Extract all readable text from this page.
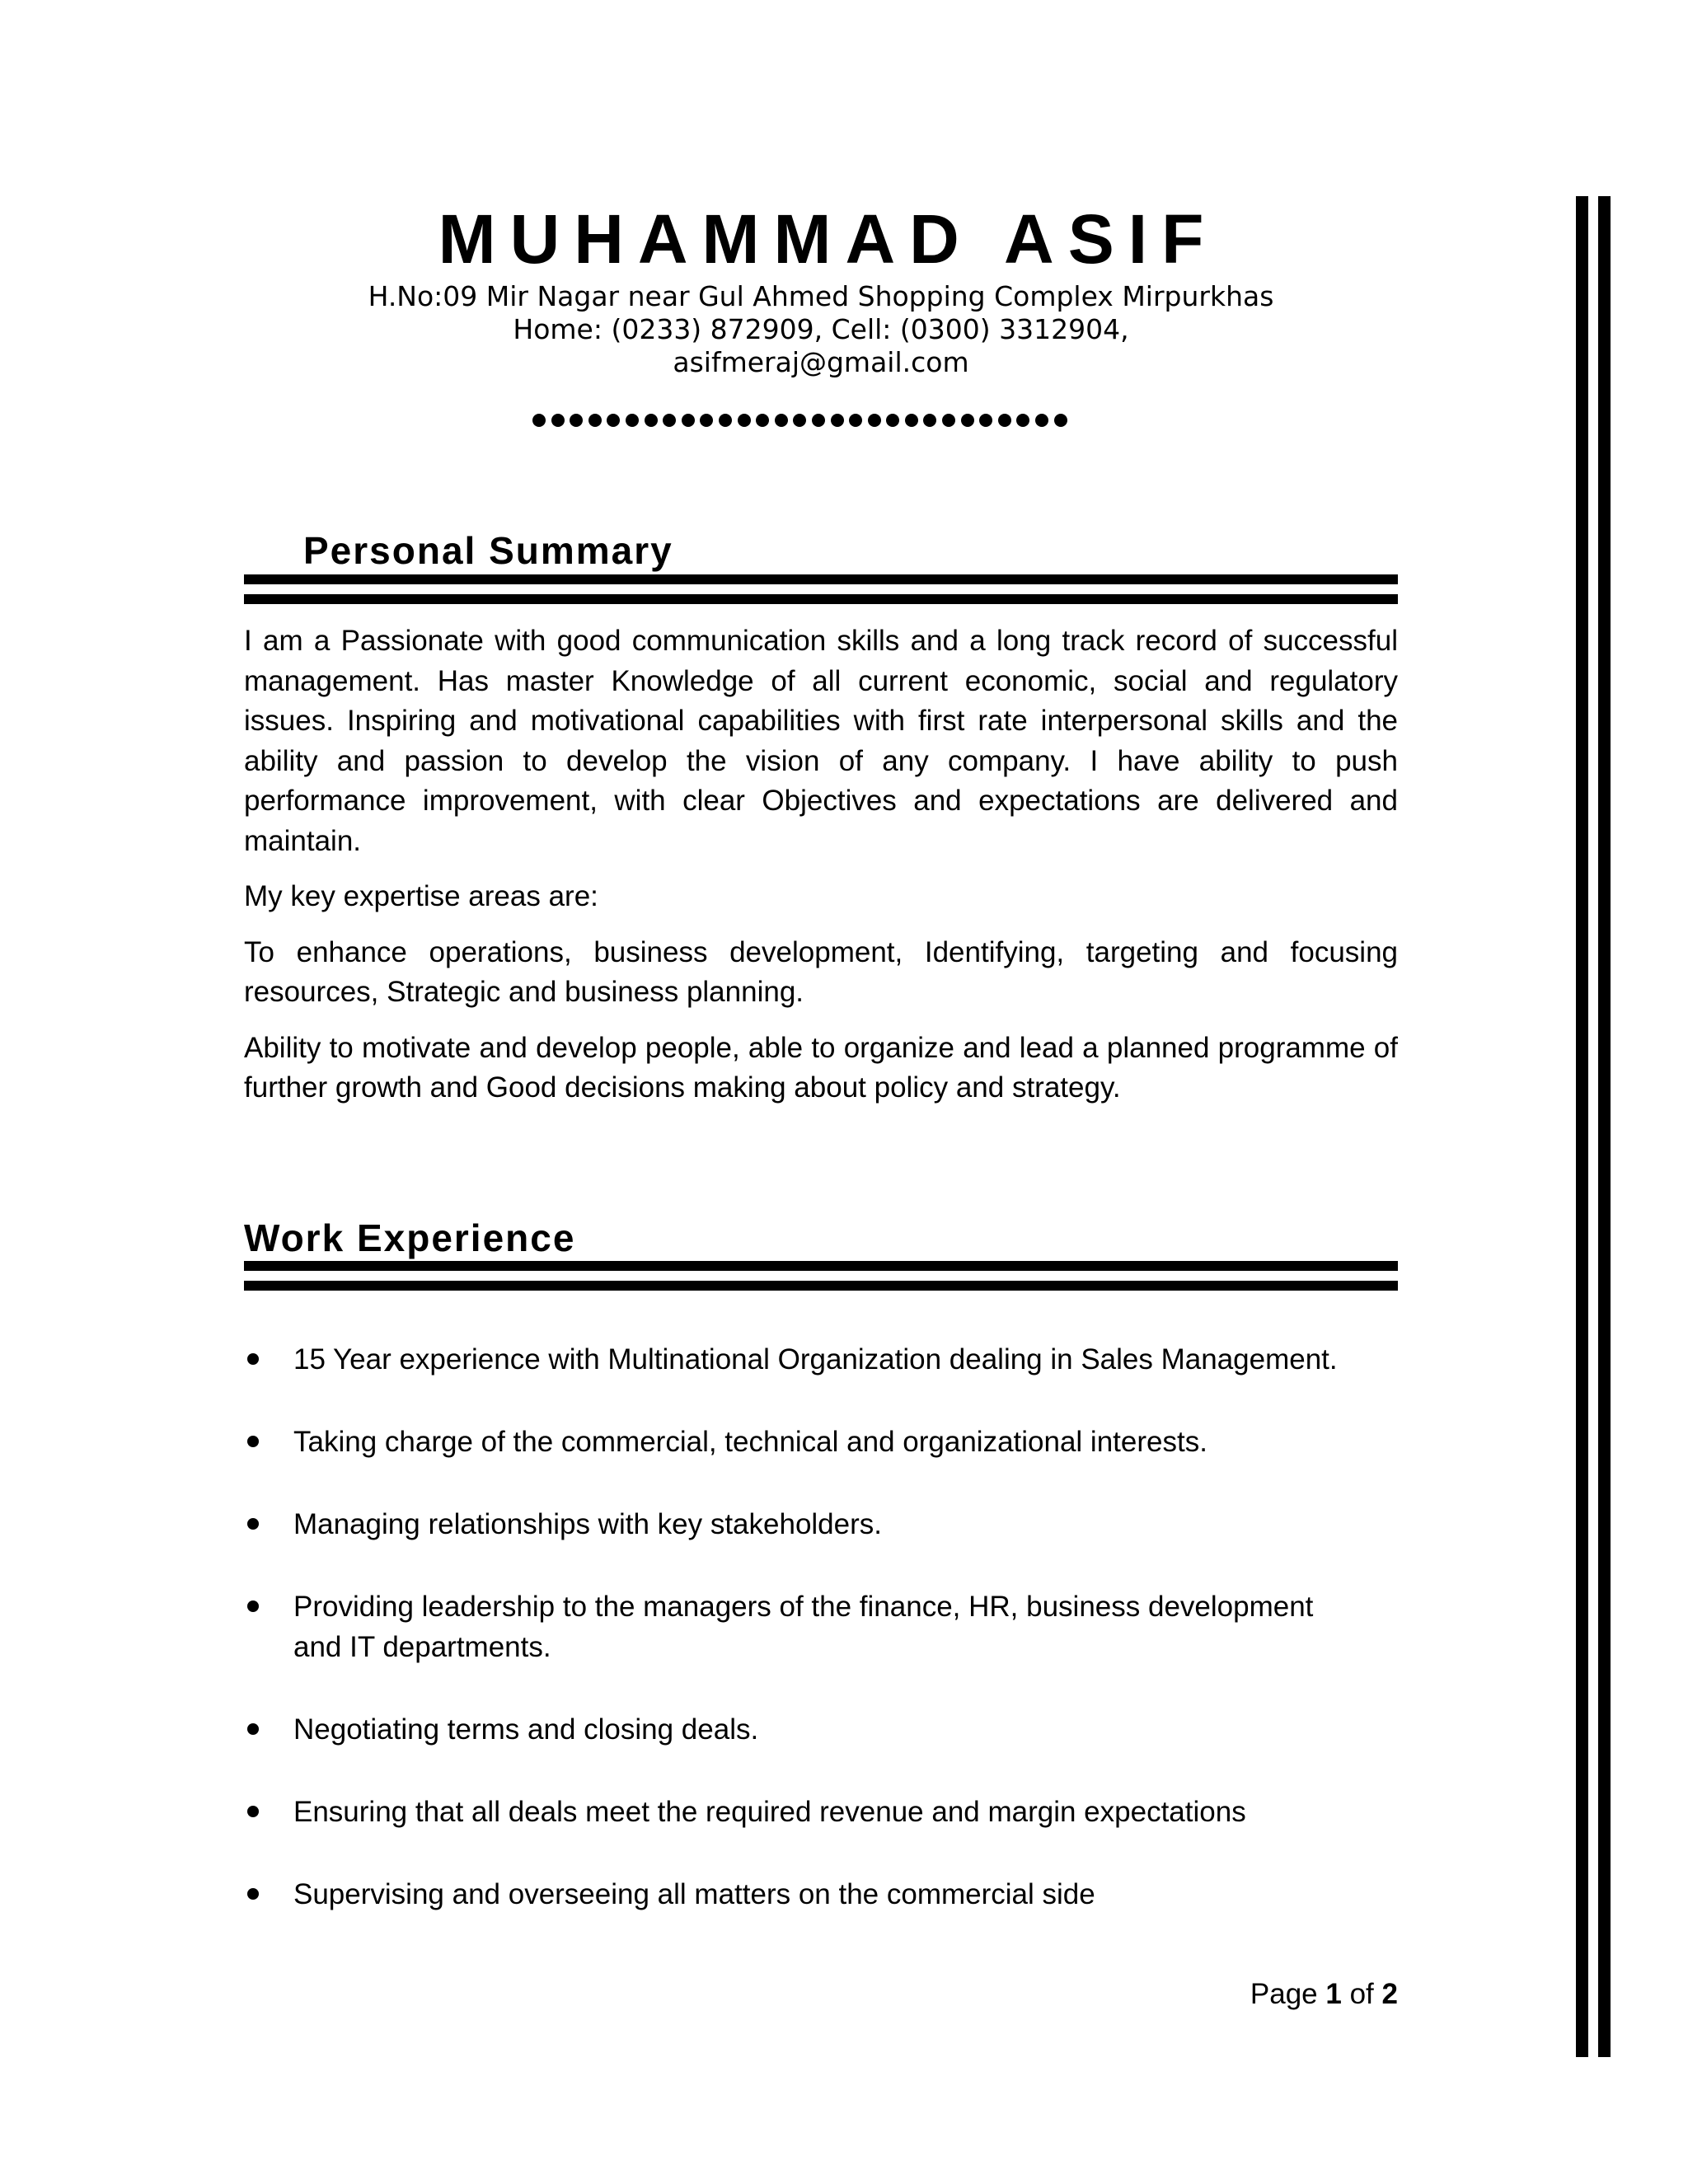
MUHAMMAD ASIF

H.No:09 Mir Nagar near Gul Ahmed Shopping Complex Mirpurkhas

Home: (0233) 872909, Cell: (0300) 3312904,

asifmeraj@gmail.com

Personal Summary

I am a Passionate with good communication skills and a long track record of successful management. Has master Knowledge of all current economic, social and regulatory issues. Inspiring and motivational capabilities with first rate interpersonal skills and the ability and passion to develop the vision of any company. I have ability to push performance improvement, with clear Objectives and expectations are delivered and maintain.

My key expertise areas are:

To enhance operations, business development, Identifying, targeting and focusing resources, Strategic and business planning.

Ability to motivate and develop people, able to organize and lead a planned programme of further growth and Good decisions making about policy and strategy.

Work Experience
15 Year experience with Multinational Organization dealing in Sales Management.
Taking charge of the commercial, technical and organizational interests.
Managing relationships with key stakeholders.
Providing leadership to the managers of the finance, HR, business development and IT departments.
Negotiating terms and closing deals.
Ensuring that all deals meet the required revenue and margin expectations
Supervising and overseeing all matters on the commercial side
Page 1 of 2
